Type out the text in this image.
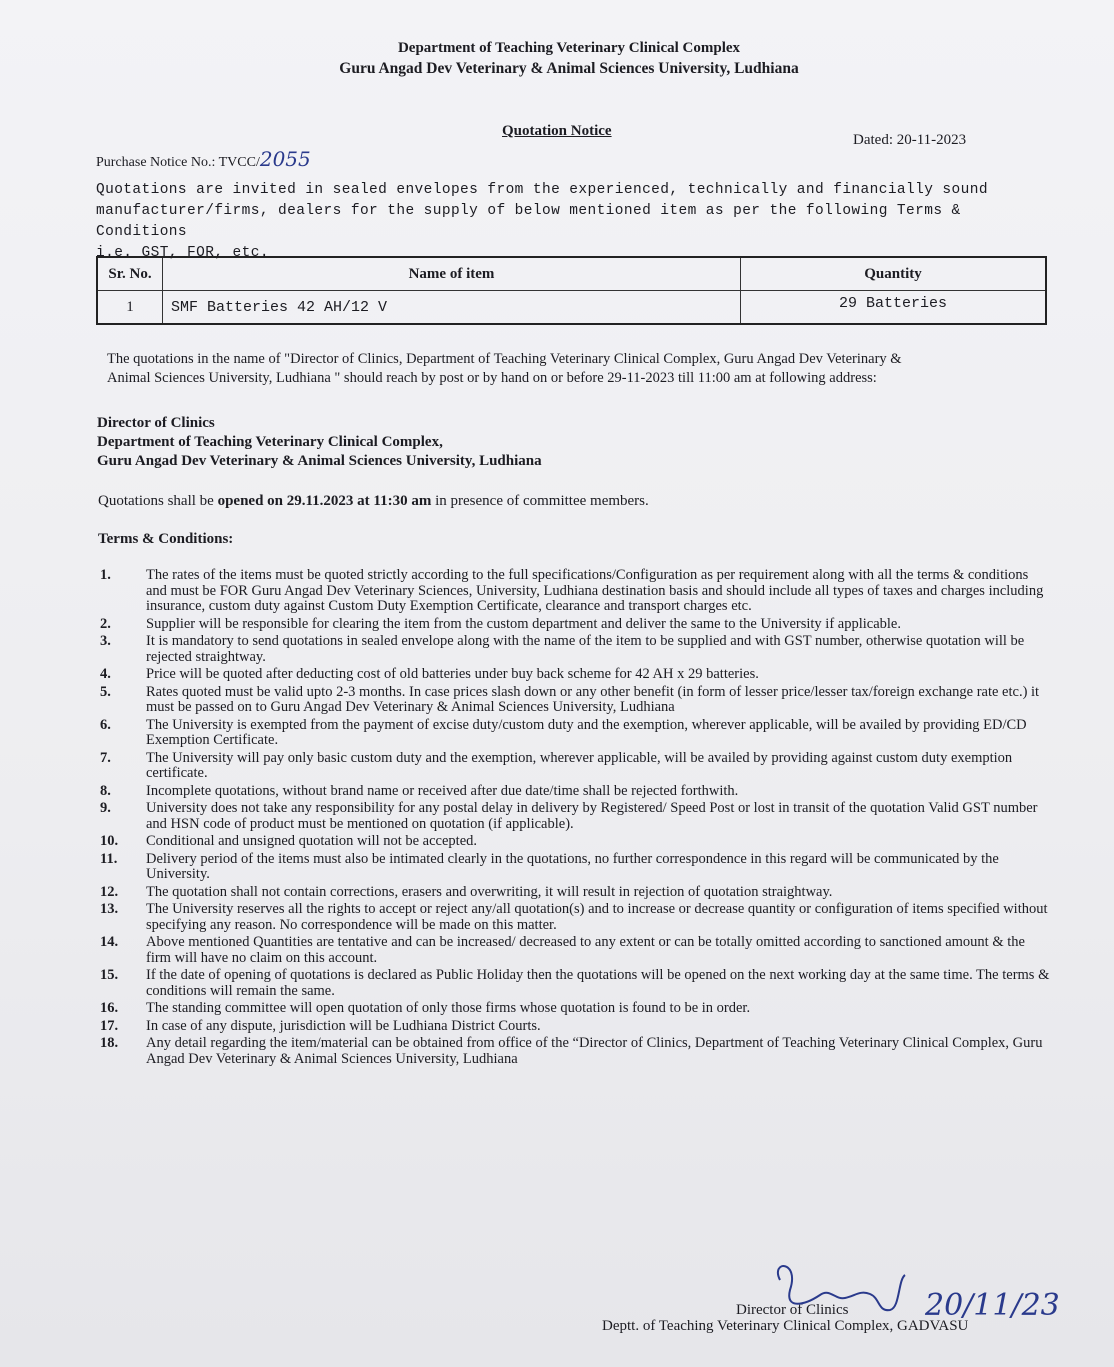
Department of Teaching Veterinary Clinical Complex
Guru Angad Dev Veterinary & Animal Sciences University, Ludhiana
Quotation Notice
Purchase Notice No.: TVCC/2055
Dated: 20-11-2023
Quotations are invited in sealed envelopes from the experienced, technically and financially sound
manufacturer/firms, dealers for the supply of below mentioned item as per the following Terms & Conditions
i.e. GST, FOR, etc.
Sr. No.	Name of item	Quantity
1	SMF Batteries 42 AH/12 V	29 Batteries
The quotations in the name of "Director of Clinics, Department of Teaching Veterinary Clinical Complex, Guru Angad Dev Veterinary &
Animal Sciences University, Ludhiana " should reach by post or by hand on or before 29-11-2023 till 11:00 am at following address:
Director of Clinics
Department of Teaching Veterinary Clinical Complex,
Guru Angad Dev Veterinary & Animal Sciences University, Ludhiana
Quotations shall be opened on 29.11.2023 at 11:30 am in presence of committee members.
Terms & Conditions:
1.	The rates of the items must be quoted strictly according to the full specifications/Configuration as per requirement along with all the terms & conditions and must be FOR Guru Angad Dev Veterinary Sciences, University, Ludhiana destination basis and should include all types of taxes and charges including insurance, custom duty against Custom Duty Exemption Certificate, clearance and transport charges etc.
2.	Supplier will be responsible for clearing the item from the custom department and deliver the same to the University if applicable.
3.	It is mandatory to send quotations in sealed envelope along with the name of the item to be supplied and with GST number, otherwise quotation will be rejected straightway.
4.	Price will be quoted after deducting cost of old batteries under buy back scheme for 42 AH x 29 batteries.
5.	Rates quoted must be valid upto 2-3 months. In case prices slash down or any other benefit (in form of lesser price/lesser tax/foreign exchange rate etc.) it must be passed on to Guru Angad Dev Veterinary & Animal Sciences University, Ludhiana
6.	The University is exempted from the payment of excise duty/custom duty and the exemption, wherever applicable, will be availed by providing ED/CD Exemption Certificate.
7.	The University will pay only basic custom duty and the exemption, wherever applicable, will be availed by providing against custom duty exemption certificate.
8.	Incomplete quotations, without brand name or received after due date/time shall be rejected forthwith.
9.	University does not take any responsibility for any postal delay in delivery by Registered/ Speed Post or lost in transit of the quotation Valid GST number and HSN code of product must be mentioned on quotation (if applicable).
10.	Conditional and unsigned quotation will not be accepted.
11.	Delivery period of the items must also be intimated clearly in the quotations, no further correspondence in this regard will be communicated by the University.
12.	The quotation shall not contain corrections, erasers and overwriting, it will result in rejection of quotation straightway.
13.	The University reserves all the rights to accept or reject any/all quotation(s) and to increase or decrease quantity or configuration of items specified without specifying any reason. No correspondence will be made on this matter.
14.	Above mentioned Quantities are tentative and can be increased/ decreased to any extent or can be totally omitted according to sanctioned amount & the firm will have no claim on this account.
15.	If the date of opening of quotations is declared as Public Holiday then the quotations will be opened on the next working day at the same time. The terms & conditions will remain the same.
16.	The standing committee will open quotation of only those firms whose quotation is found to be in order.
17.	In case of any dispute, jurisdiction will be Ludhiana District Courts.
18.	Any detail regarding the item/material can be obtained from office of the “Director of Clinics, Department of Teaching Veterinary Clinical Complex, Guru Angad Dev Veterinary & Animal Sciences University, Ludhiana
Director of Clinics
Deptt. of Teaching Veterinary Clinical Complex, GADVASU
20/11/23
